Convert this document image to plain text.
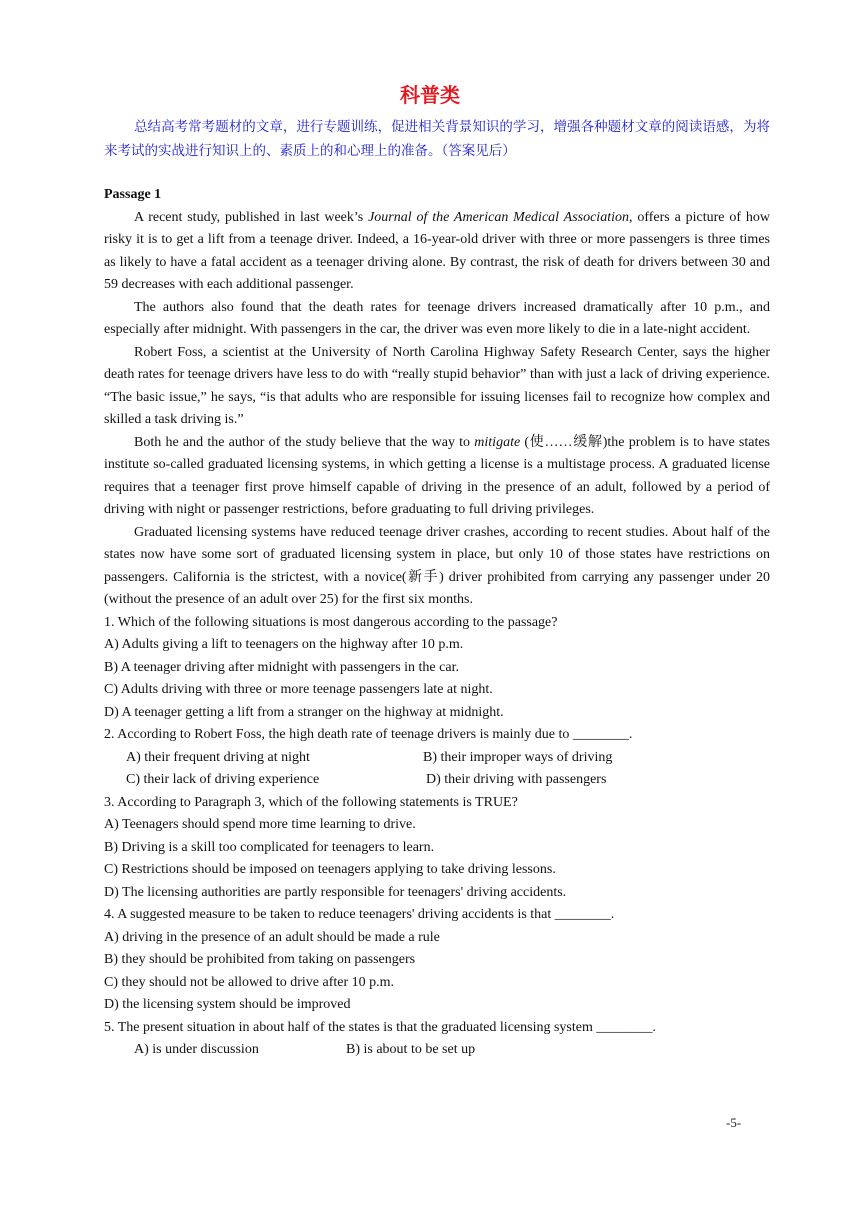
科普类

总结高考常考题材的文章，进行专题训练，促进相关背景知识的学习，增强各种题材文章的阅读语感，为将来考试的实战进行知识上的、素质上的和心理上的准备。（答案见后）

Passage 1

A recent study, published in last week’s Journal of the American Medical Association, offers a picture of how risky it is to get a lift from a teenage driver. Indeed, a 16-year-old driver with three or more passengers is three times as likely to have a fatal accident as a teenager driving alone. By contrast, the risk of death for drivers between 30 and 59 decreases with each additional passenger.

The authors also found that the death rates for teenage drivers increased dramatically after 10 p.m., and especially after midnight. With passengers in the car, the driver was even more likely to die in a late-night accident.

Robert Foss, a scientist at the University of North Carolina Highway Safety Research Center, says the higher death rates for teenage drivers have less to do with “really stupid behavior” than with just a lack of driving experience. “The basic issue,” he says, “is that adults who are responsible for issuing licenses fail to recognize how complex and skilled a task driving is.”

Both he and the author of the study believe that the way to mitigate (使……缓解)the problem is to have states institute so-called graduated licensing systems, in which getting a license is a multistage process. A graduated license requires that a teenager first prove himself capable of driving in the presence of an adult, followed by a period of driving with night or passenger restrictions, before graduating to full driving privileges.

Graduated licensing systems have reduced teenage driver crashes, according to recent studies. About half of the states now have some sort of graduated licensing system in place, but only 10 of those states have restrictions on passengers. California is the strictest, with a novice(新手) driver prohibited from carrying any passenger under 20 (without the presence of an adult over 25) for the first six months.

1. Which of the following situations is most dangerous according to the passage?

A) Adults giving a lift to teenagers on the highway after 10 p.m.

B) A teenager driving after midnight with passengers in the car.

C) Adults driving with three or more teenage passengers late at night.

D) A teenager getting a lift from a stranger on the highway at midnight.

2. According to Robert Foss, the high death rate of teenage drivers is mainly due to ________.

A) their frequent driving at night	B) their improper ways of driving
C) their lack of driving experience	D) their driving with passengers

3. According to Paragraph 3, which of the following statements is TRUE?

A) Teenagers should spend more time learning to drive.

B) Driving is a skill too complicated for teenagers to learn.

C) Restrictions should be imposed on teenagers applying to take driving lessons.

D) The licensing authorities are partly responsible for teenagers' driving accidents.

4. A suggested measure to be taken to reduce teenagers' driving accidents is that ________.

A) driving in the presence of an adult should be made a rule

B) they should be prohibited from taking on passengers

C) they should not be allowed to drive after 10 p.m.

D) the licensing system should be improved

5. The present situation in about half of the states is that the graduated licensing system ________.

A) is under discussion	B) is about to be set up
-5-
